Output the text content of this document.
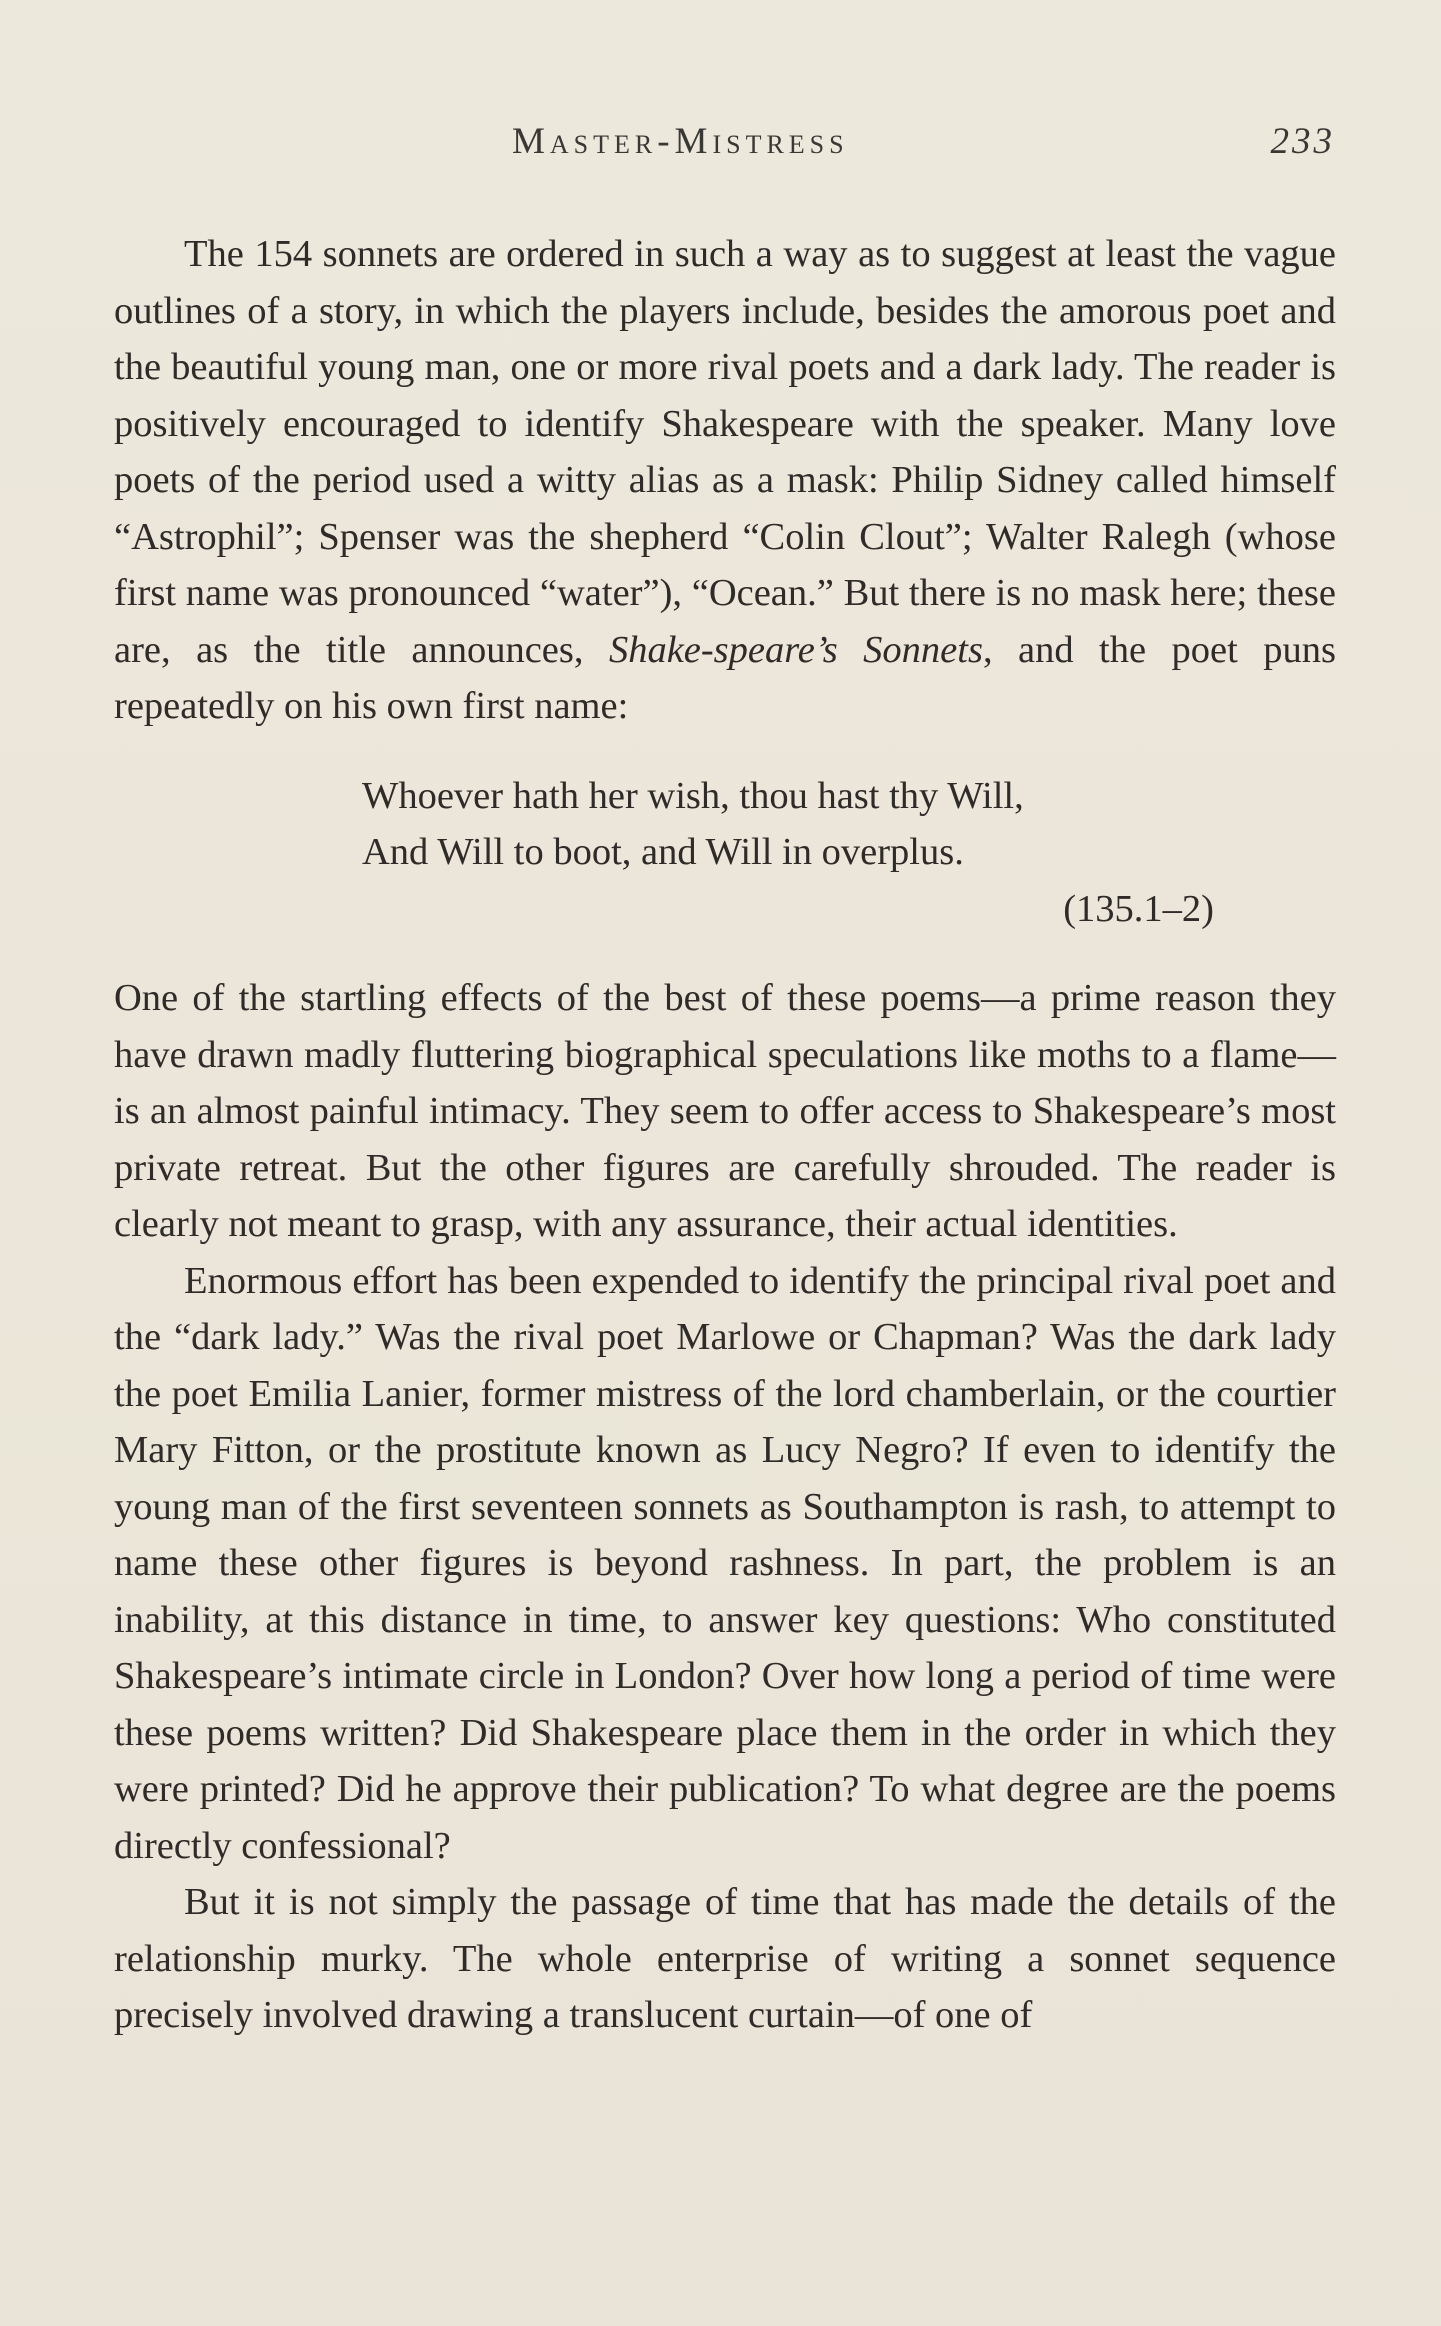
Master-Mistress	233

The 154 sonnets are ordered in such a way as to suggest at least the vague outlines of a story, in which the players include, besides the amorous poet and the beautiful young man, one or more rival poets and a dark lady. The reader is positively encouraged to identify Shakespeare with the speaker. Many love poets of the period used a witty alias as a mask: Philip Sidney called himself “Astrophil”; Spenser was the shepherd “Colin Clout”; Walter Ralegh (whose first name was pronounced “water”), “Ocean.” But there is no mask here; these are, as the title announces, Shake-speare’s Sonnets, and the poet puns repeatedly on his own first name:

Whoever hath her wish, thou hast thy Will,
And Will to boot, and Will in overplus.
(135.1–2)

One of the startling effects of the best of these poems—a prime reason they have drawn madly fluttering biographical speculations like moths to a flame—is an almost painful intimacy. They seem to offer access to Shakespeare’s most private retreat. But the other figures are carefully shrouded. The reader is clearly not meant to grasp, with any assurance, their actual identities.

Enormous effort has been expended to identify the principal rival poet and the “dark lady.” Was the rival poet Marlowe or Chapman? Was the dark lady the poet Emilia Lanier, former mistress of the lord chamberlain, or the courtier Mary Fitton, or the prostitute known as Lucy Negro? If even to identify the young man of the first seventeen sonnets as Southampton is rash, to attempt to name these other figures is beyond rashness. In part, the problem is an inability, at this distance in time, to answer key questions: Who constituted Shakespeare’s intimate circle in London? Over how long a period of time were these poems written? Did Shakespeare place them in the order in which they were printed? Did he approve their publication? To what degree are the poems directly confessional?

But it is not simply the passage of time that has made the details of the relationship murky. The whole enterprise of writing a sonnet sequence precisely involved drawing a translucent curtain—of one of
